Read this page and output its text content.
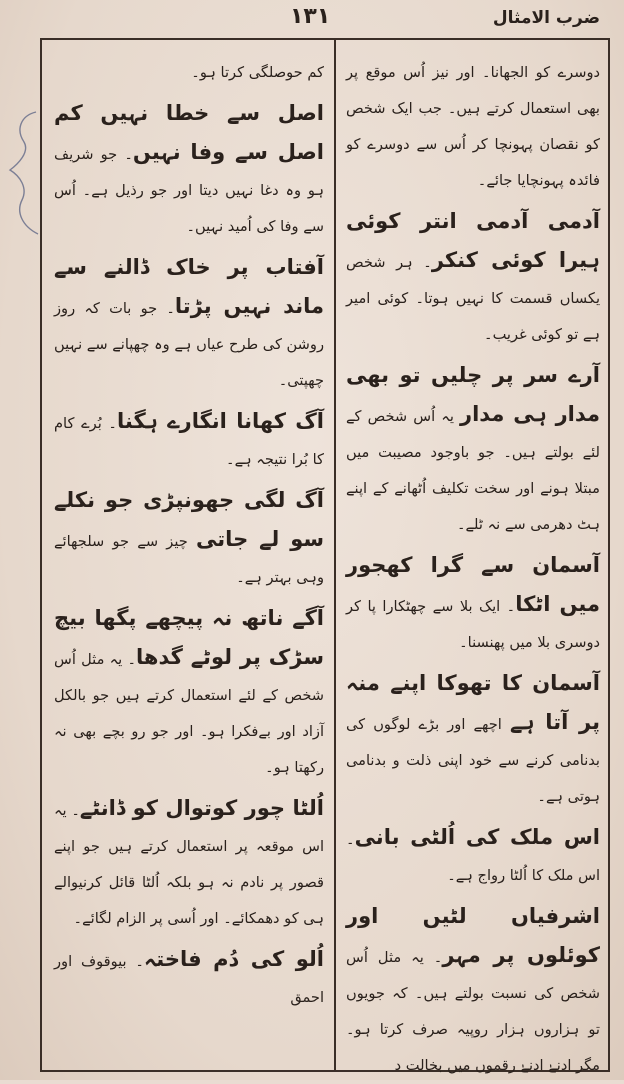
ضرب الامثال
۱۳۱

دوسرے کو الجھانا۔ اور نیز اُس موقع پر بھی استعمال کرتے ہیں۔ جب ایک شخص کو نقصان پہونچا کر اُس سے دوسرے کو فائدہ پہونچایا جائے۔

آدمی آدمی انتر کوئی ہیرا کوئی کنکر۔ ہر شخص یکساں قسمت کا نہیں ہوتا۔ کوئی امیر ہے تو کوئی غریب۔

آرے سر پر چلیں تو بھی مدار ہی مدار یہ اُس شخص کے لئے بولتے ہیں۔ جو باوجود مصیبت میں مبتلا ہونے اور سخت تکلیف اُٹھانے کے اپنے ہٹ دھرمی سے نہ ٹلے۔

آسمان سے گرا کھجور میں اٹکا۔ ایک بلا سے چھٹکارا پا کر دوسری بلا میں پھنسنا۔

آسمان کا تھوکا اپنے منہ پر آتا ہے اچھے اور بڑے لوگوں کی بدنامی کرنے سے خود اپنی ذلت و بدنامی ہوتی ہے۔

اس ملک کی اُلٹی بانی۔ اس ملک کا اُلٹا رواج ہے۔

اشرفیاں لٹیں اور کوئلوں پر مہر۔ یہ مثل اُس شخص کی نسبت بولتے ہیں۔ کہ جویوں تو ہزاروں ہزار روپیہ صرف کرتا ہو۔ مگر ادنےٰ ادنےٰ رقموں میں بخالت د

کم حوصلگی کرتا ہو۔

اصل سے خطا نہیں کم اصل سے وفا نہیں۔ جو شریف ہو وہ دغا نہیں دیتا اور جو رذیل ہے۔ اُس سے وفا کی اُمید نہیں۔

آفتاب پر خاک ڈالنے سے ماند نہیں پڑتا۔ جو بات کہ روز روشن کی طرح عیاں ہے وہ چھپانے سے نہیں چھپتی۔

آگ کھانا انگارے ہگنا۔ بُرے کام کا بُرا نتیجہ ہے۔

آگ لگی جھونپڑی جو نکلے سو لے جاتی چیز سے جو سلجھائے وہی بہتر ہے۔

آگے ناتھ نہ پیچھے پگھا بیچ سڑک پر لوٹے گدھا۔ یہ مثل اُس شخص کے لئے استعمال کرتے ہیں جو بالکل آزاد اور بےفکرا ہو۔ اور جو رو بچے بھی نہ رکھتا ہو۔

اُلٹا چور کوتوال کو ڈانٹے۔ یہ اس موقعہ پر استعمال کرتے ہیں جو اپنے قصور پر نادم نہ ہو بلکہ اُلٹا قائل کرنیوالے ہی کو دھمکائے۔ اور اُسی پر الزام لگائے۔

اُلو کی دُم فاختہ۔ بیوقوف اور احمق
